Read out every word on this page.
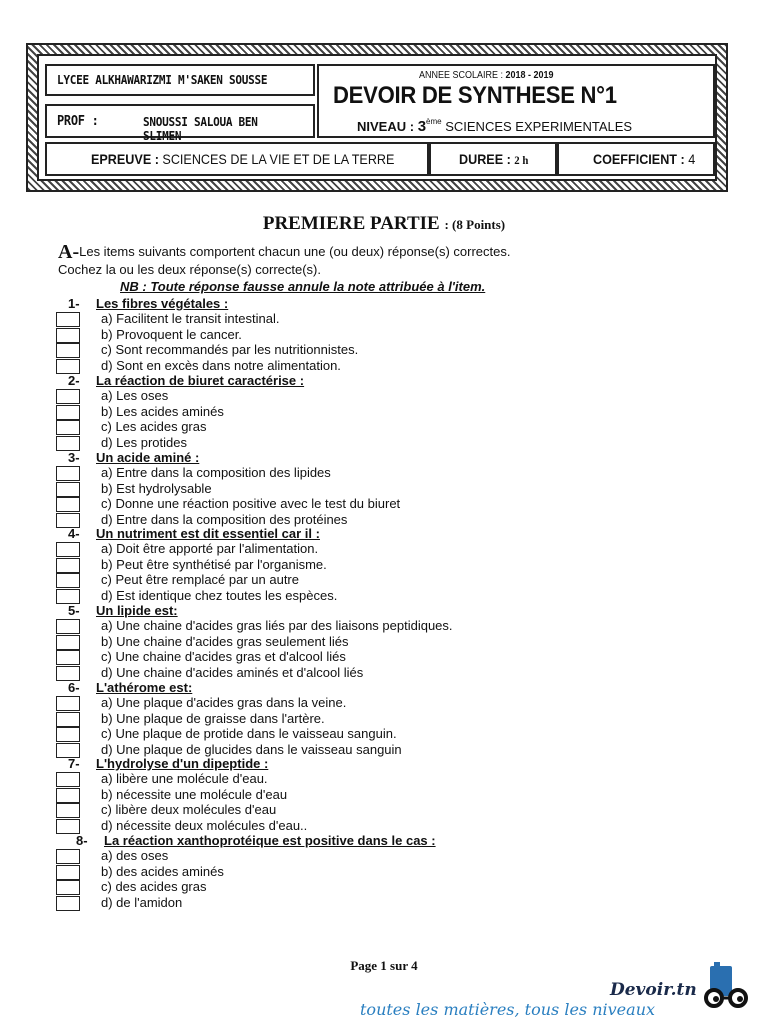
LYCEE ALKHAWARIZMI M'SAKEN SOUSSE
PROF :	SNOUSSI SALOUA BEN SLIMEN
ANNEE SCOLAIRE : 2018 - 2019
DEVOIR DE SYNTHESE N°1
NIVEAU : 3ème SCIENCES EXPERIMENTALES
EPREUVE : SCIENCES DE LA VIE ET DE LA TERRE	DUREE : 2 h	COEFFICIENT : 4
PREMIERE PARTIE : (8 Points)
A-Les items suivants comportent chacun une (ou deux) réponse(s) correctes.
Cochez la ou les deux réponse(s) correcte(s).
NB : Toute réponse fausse annule la note attribuée à l'item.
1- Les fibres végétales :
a) Facilitent le transit intestinal.
b) Provoquent le cancer.
c) Sont recommandés par les nutritionnistes.
d) Sont en excès dans notre alimentation.
2- La réaction de biuret caractérise :
a) Les oses
b) Les acides aminés
c) Les acides gras
d) Les protides
3- Un acide aminé :
a) Entre dans la composition des lipides
b) Est hydrolysable
c) Donne une réaction positive avec le test du biuret
d) Entre dans la composition des protéines
4- Un nutriment est dit essentiel car il :
a) Doit être apporté par l'alimentation.
b) Peut être synthétisé par l'organisme.
c) Peut être remplacé par un autre
d) Est identique chez toutes les espèces.
5- Un lipide est:
a) Une chaine d'acides gras liés par des liaisons peptidiques.
b) Une chaine d'acides gras seulement liés
c) Une chaine d'acides gras et d'alcool liés
d) Une chaine d'acides aminés et d'alcool liés
6- L'athérome est:
a) Une plaque d'acides gras dans la veine.
b) Une plaque de graisse dans l'artère.
c) Une plaque de protide dans le vaisseau sanguin.
d) Une plaque de glucides dans le vaisseau sanguin
7- L'hydrolyse d'un dipeptide :
a) libère une molécule d'eau.
b) nécessite une molécule d'eau
c) libère deux molécules d'eau
d) nécessite deux molécules d'eau..
8- La réaction xanthoprotéique est positive dans le cas :
a) des oses
b) des acides aminés
c) des acides gras
d) de l'amidon
Page 1 sur 4
Devoir.tn
toutes les matières, tous les niveaux
